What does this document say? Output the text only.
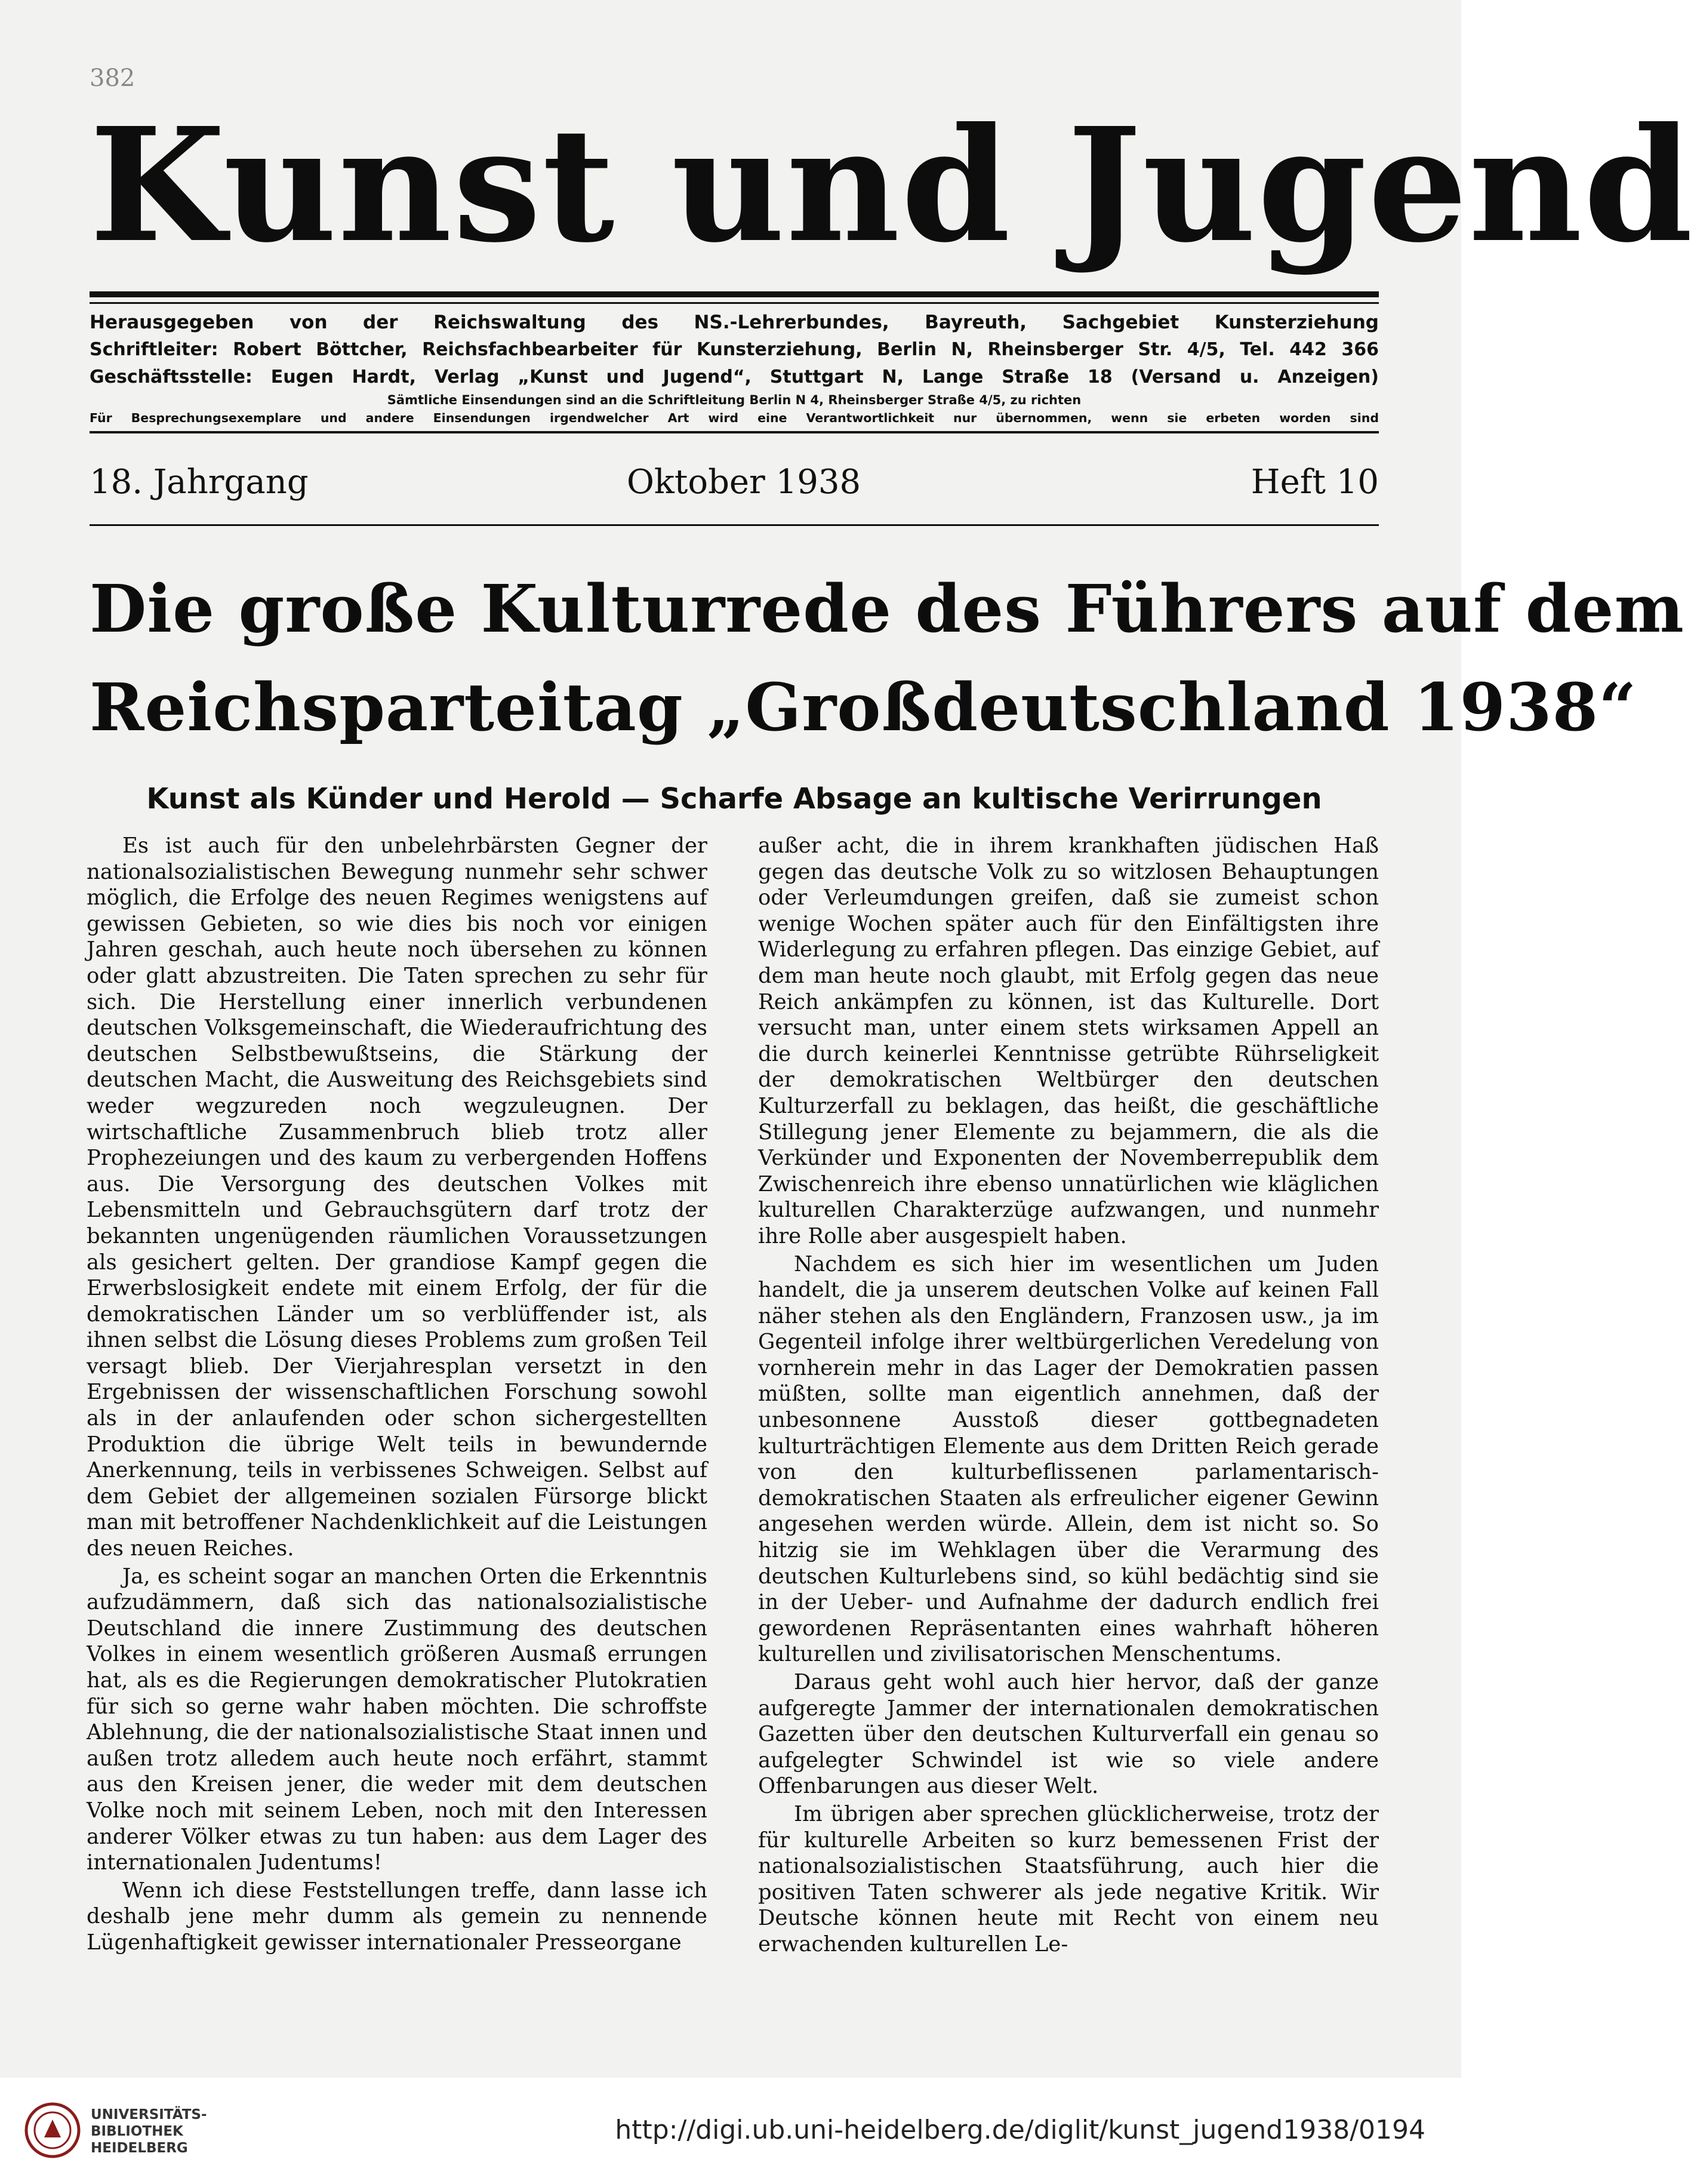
382
Kunst und Jugend
Herausgegeben von der Reichswaltung des NS.-Lehrerbundes, Bayreuth, Sachgebiet Kunsterziehung
Schriftleiter: Robert Böttcher, Reichsfachbearbeiter für Kunsterziehung, Berlin N, Rheinsberger Str. 4/5, Tel. 442 366
Geschäftsstelle: Eugen Hardt, Verlag „Kunst und Jugend“, Stuttgart N, Lange Straße 18 (Versand u. Anzeigen)
Sämtliche Einsendungen sind an die Schriftleitung Berlin N 4, Rheinsberger Straße 4/5, zu richten
Für Besprechungsexemplare und andere Einsendungen irgendwelcher Art wird eine Verantwortlichkeit nur übernommen, wenn sie erbeten worden sind
18. Jahrgang	Oktober 1938	Heft 10
Die große Kulturrede des Führers auf dem
Reichsparteitag „Großdeutschland 1938“
Kunst als Künder und Herold — Scharfe Absage an kultische Verirrungen

Es ist auch für den unbelehrbärsten Gegner der nationalsozialistischen Bewegung nunmehr sehr schwer möglich, die Erfolge des neuen Regimes wenigstens auf gewissen Gebieten, so wie dies bis noch vor einigen Jahren geschah, auch heute noch übersehen zu können oder glatt abzustreiten. Die Taten sprechen zu sehr für sich. Die Herstellung einer innerlich verbundenen deutschen Volksgemeinschaft, die Wiederaufrichtung des deutschen Selbstbewußtseins, die Stärkung der deutschen Macht, die Ausweitung des Reichsgebiets sind weder wegzureden noch wegzuleugnen. Der wirtschaftliche Zusammenbruch blieb trotz aller Prophezeiungen und des kaum zu verbergenden Hoffens aus. Die Versorgung des deutschen Volkes mit Lebensmitteln und Gebrauchsgütern darf trotz der bekannten ungenügenden räumlichen Voraussetzungen als gesichert gelten. Der grandiose Kampf gegen die Erwerbslosigkeit endete mit einem Erfolg, der für die demokratischen Länder um so verblüffender ist, als ihnen selbst die Lösung dieses Problems zum großen Teil versagt blieb. Der Vierjahresplan versetzt in den Ergebnissen der wissenschaftlichen Forschung sowohl als in der anlaufenden oder schon sichergestellten Produktion die übrige Welt teils in bewundernde Anerkennung, teils in verbissenes Schweigen. Selbst auf dem Gebiet der allgemeinen sozialen Fürsorge blickt man mit betroffener Nachdenklichkeit auf die Leistungen des neuen Reiches.

Ja, es scheint sogar an manchen Orten die Erkenntnis aufzudämmern, daß sich das nationalsozialistische Deutschland die innere Zustimmung des deutschen Volkes in einem wesentlich größeren Ausmaß errungen hat, als es die Regierungen demokratischer Plutokratien für sich so gerne wahr haben möchten. Die schroffste Ablehnung, die der nationalsozialistische Staat innen und außen trotz alledem auch heute noch erfährt, stammt aus den Kreisen jener, die weder mit dem deutschen Volke noch mit seinem Leben, noch mit den Interessen anderer Völker etwas zu tun haben: aus dem Lager des internationalen Judentums!

Wenn ich diese Feststellungen treffe, dann lasse ich deshalb jene mehr dumm als gemein zu nennende Lügenhaftigkeit gewisser internationaler Presseorgane

außer acht, die in ihrem krankhaften jüdischen Haß gegen das deutsche Volk zu so witzlosen Behauptungen oder Verleumdungen greifen, daß sie zumeist schon wenige Wochen später auch für den Einfältigsten ihre Widerlegung zu erfahren pflegen. Das einzige Gebiet, auf dem man heute noch glaubt, mit Erfolg gegen das neue Reich ankämpfen zu können, ist das Kulturelle. Dort versucht man, unter einem stets wirksamen Appell an die durch keinerlei Kenntnisse getrübte Rührseligkeit der demokratischen Weltbürger den deutschen Kulturzerfall zu beklagen, das heißt, die geschäftliche Stillegung jener Elemente zu bejammern, die als die Verkünder und Exponenten der Novemberrepublik dem Zwischenreich ihre ebenso unnatürlichen wie kläglichen kulturellen Charakterzüge aufzwangen, und nunmehr ihre Rolle aber ausgespielt haben.

Nachdem es sich hier im wesentlichen um Juden handelt, die ja unserem deutschen Volke auf keinen Fall näher stehen als den Engländern, Franzosen usw., ja im Gegenteil infolge ihrer weltbürgerlichen Veredelung von vornherein mehr in das Lager der Demokratien passen müßten, sollte man eigentlich annehmen, daß der unbesonnene Ausstoß dieser gottbegnadeten kulturträchtigen Elemente aus dem Dritten Reich gerade von den kulturbeflissenen parlamentarisch-demokratischen Staaten als erfreulicher eigener Gewinn angesehen werden würde. Allein, dem ist nicht so. So hitzig sie im Wehklagen über die Verarmung des deutschen Kulturlebens sind, so kühl bedächtig sind sie in der Ueber- und Aufnahme der dadurch endlich frei gewordenen Repräsentanten eines wahrhaft höheren kulturellen und zivilisatorischen Menschentums.

Daraus geht wohl auch hier hervor, daß der ganze aufgeregte Jammer der internationalen demokratischen Gazetten über den deutschen Kulturverfall ein genau so aufgelegter Schwindel ist wie so viele andere Offenbarungen aus dieser Welt.

Im übrigen aber sprechen glücklicherweise, trotz der für kulturelle Arbeiten so kurz bemessenen Frist der nationalsozialistischen Staatsführung, auch hier die positiven Taten schwerer als jede negative Kritik. Wir Deutsche können heute mit Recht von einem neu erwachenden kulturellen Le-

UNIVERSITÄTS-
BIBLIOTHEK
HEIDELBERG
http://digi.ub.uni-heidelberg.de/diglit/kunst_jugend1938/0194
